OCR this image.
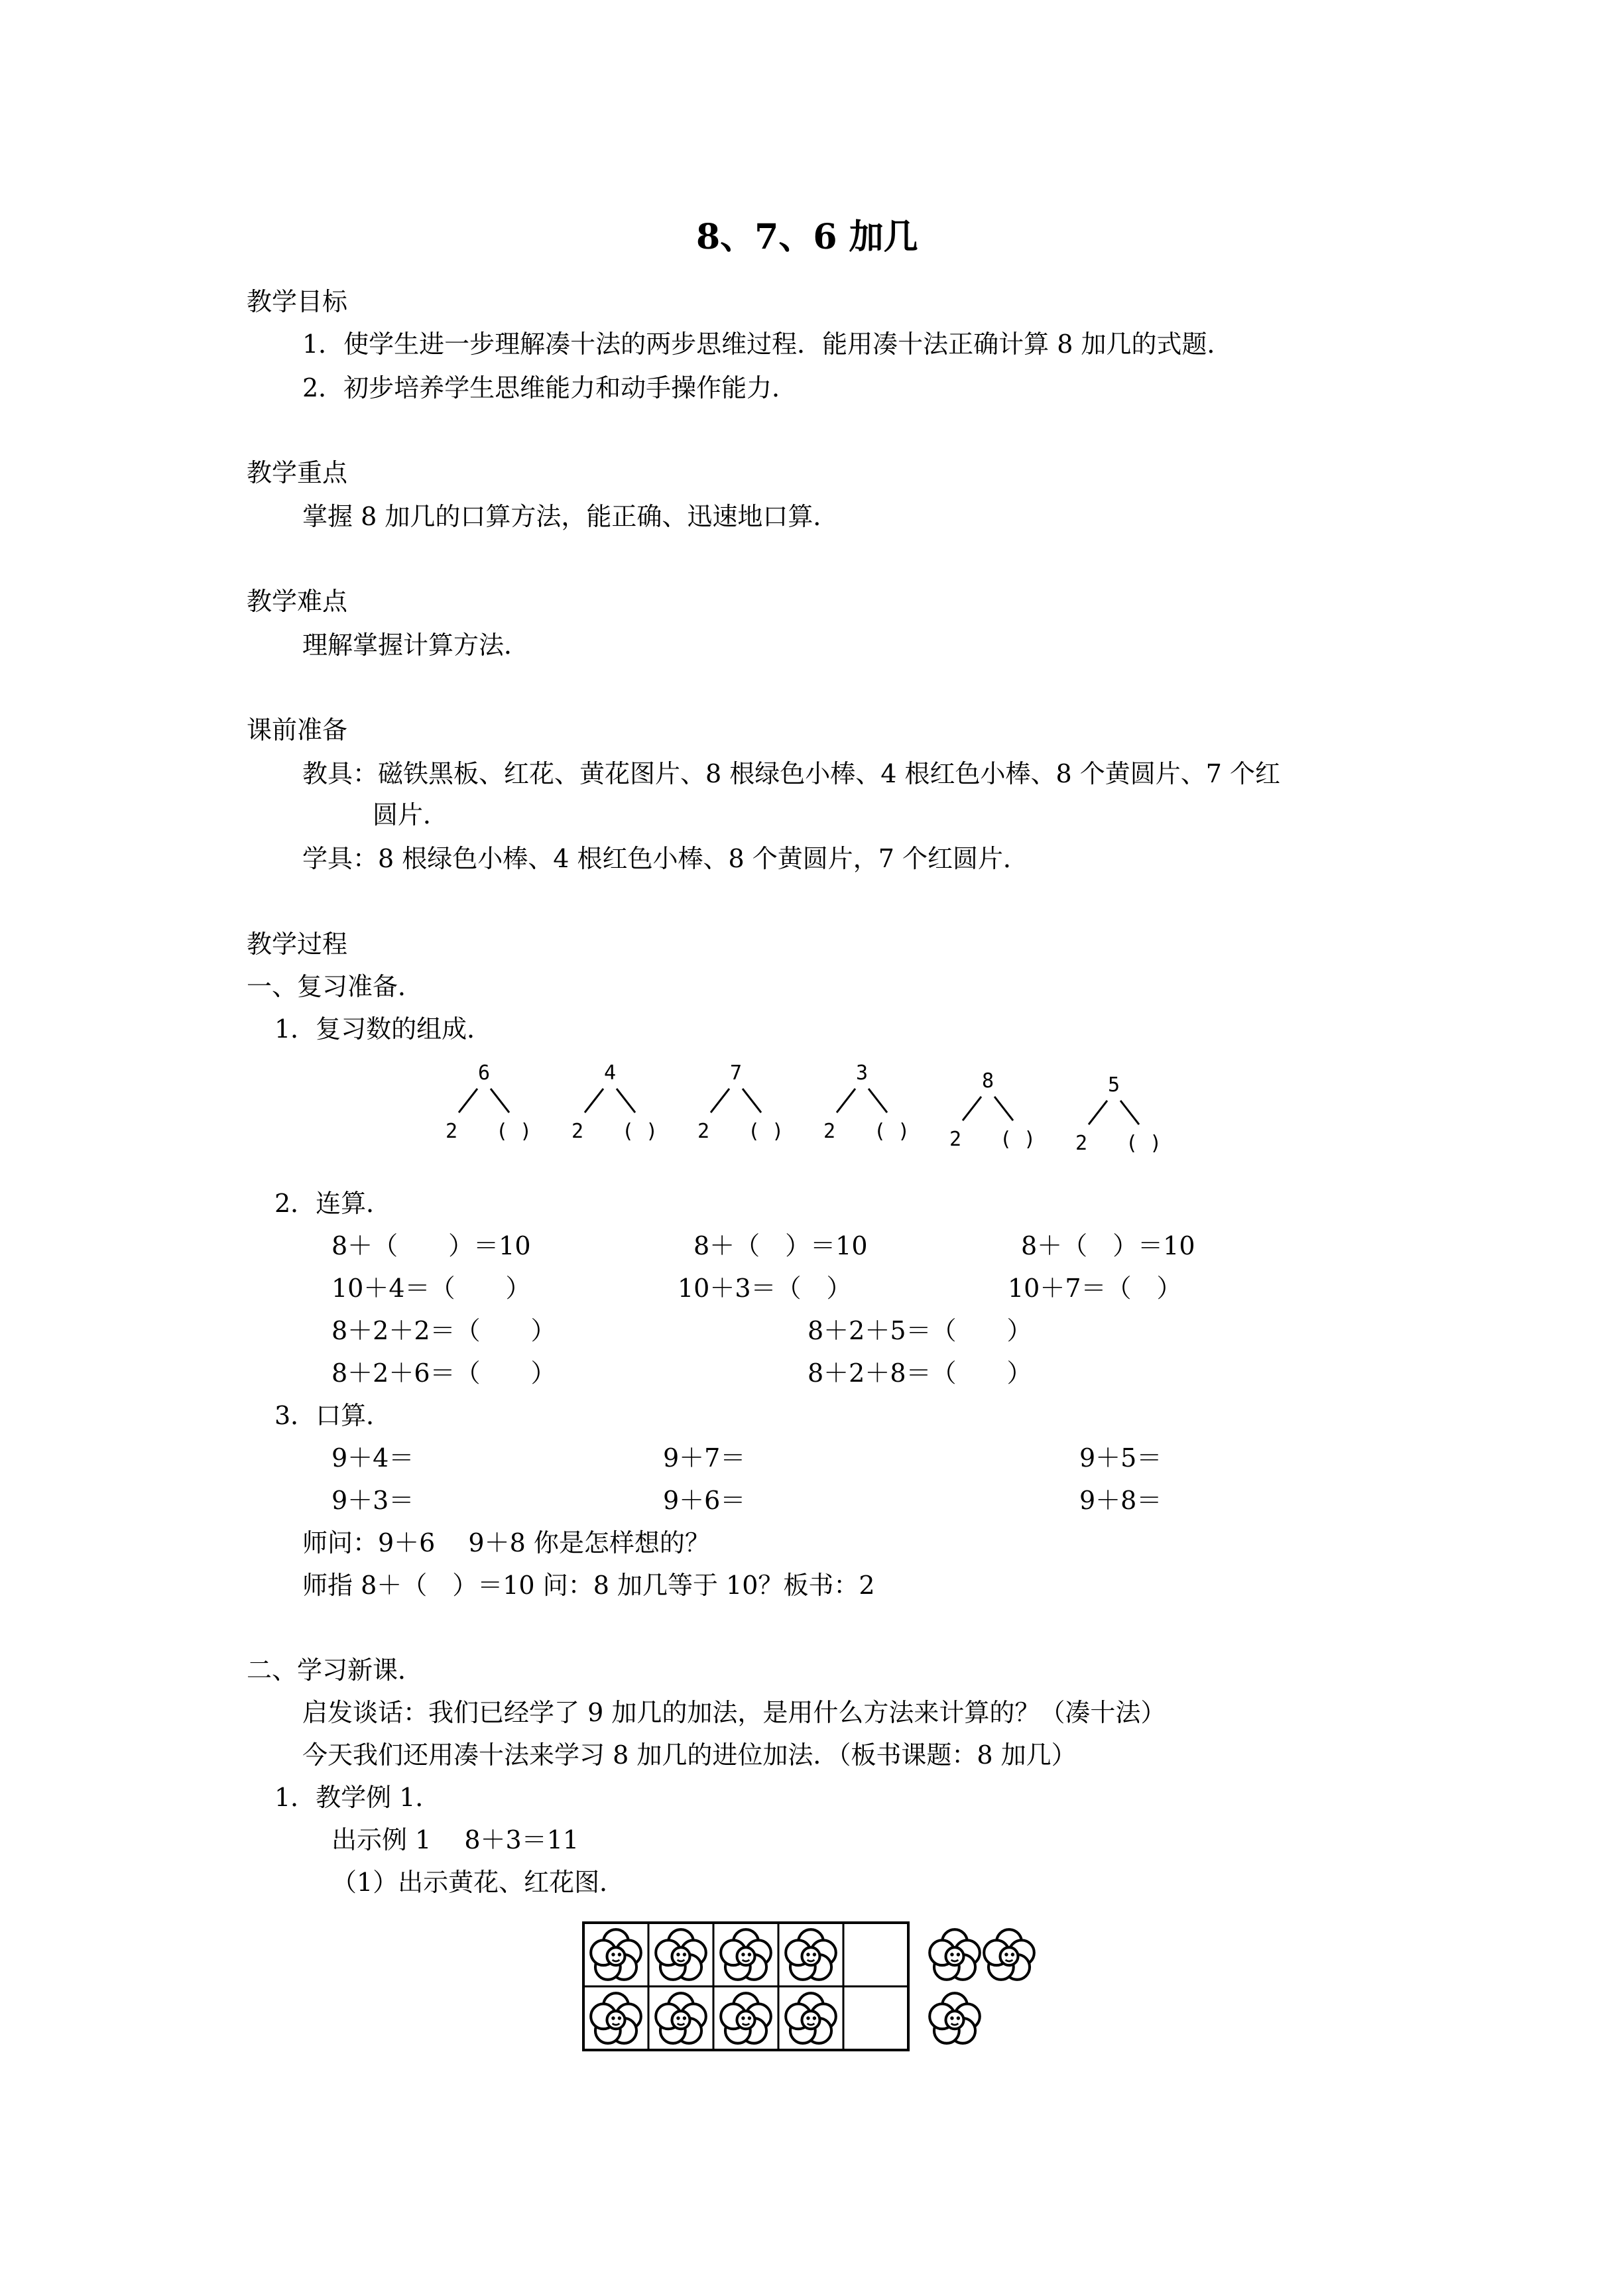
8、7、6 加几
教学目标
1．使学生进一步理解凑十法的两步思维过程．能用凑十法正确计算 8 加几的式题．
2．初步培养学生思维能力和动手操作能力．
教学重点
掌握 8 加几的口算方法，能正确、迅速地口算．
教学难点
理解掌握计算方法．
课前准备
教具：磁铁黑板、红花、黄花图片、8 根绿色小棒、4 根红色小棒、8 个黄圆片、7 个红
圆片．
学具：8 根绿色小棒、4 根红色小棒、8 个黄圆片，7 个红圆片．
教学过程
一、复习准备．
1．复习数的组成．
6
2 ( )
4
2 ( )
7
2 ( )
3
2 ( )
8
2 ( )
5
2 ( )
2．连算．
8＋（　　）＝10	8＋（　）＝10	8＋（　）＝10
10＋4＝（　　）	10＋3＝（　）	10＋7＝（　）
8＋2＋2＝（　　）	8＋2＋5＝（　　）
8＋2＋6＝（　　）	8＋2＋8＝（　　）
3．口算．
9＋4＝	9＋7＝	9＋5＝
9＋3＝	9＋6＝	9＋8＝
师问：9＋6　 9＋8 你是怎样想的？
师指 8＋（　）＝10 问：8 加几等于 10？板书：2
二、学习新课．
启发谈话：我们已经学了 9 加几的加法，是用什么方法来计算的？（凑十法）
今天我们还用凑十法来学习 8 加几的进位加法．（板书课题：8 加几）
1．教学例 1．
出示例 1　 8＋3＝11
（1）出示黄花、红花图．
